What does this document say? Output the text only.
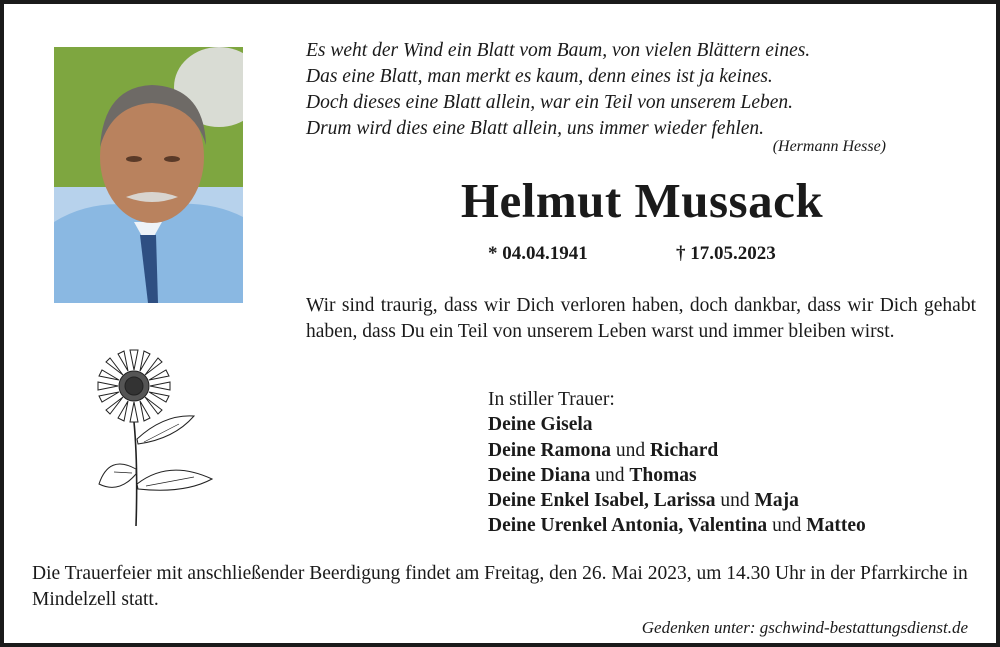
Es weht der Wind ein Blatt vom Baum, von vielen Blättern eines.
Das eine Blatt, man merkt es kaum, denn eines ist ja keines.
Doch dieses eine Blatt allein, war ein Teil von unserem Leben.
Drum wird dies eine Blatt allein, uns immer wieder fehlen.
(Hermann Hesse)
Helmut Mussack
* 04.04.1941	† 17.05.2023
Wir sind traurig, dass wir Dich verloren haben, doch dankbar, dass wir Dich gehabt haben, dass Du ein Teil von unserem Leben warst und immer bleiben wirst.
In stiller Trauer:
Deine Gisela
Deine Ramona und Richard
Deine Diana und Thomas
Deine Enkel Isabel, Larissa und Maja
Deine Urenkel Antonia, Valentina und Matteo
Die Trauerfeier mit anschließender Beerdigung findet am Freitag, den 26. Mai 2023, um 14.30 Uhr in der Pfarrkirche in Mindelzell statt.
Gedenken unter: gschwind-bestattungsdienst.de
